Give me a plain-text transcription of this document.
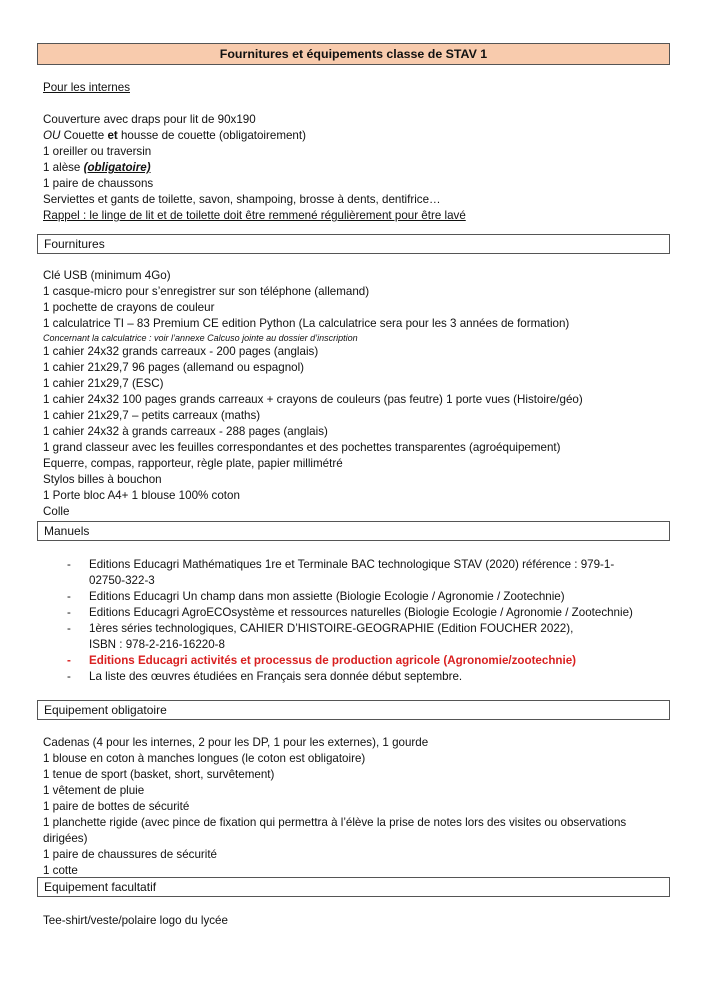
Fournitures et équipements classe de STAV 1
Pour les internes
Couverture avec draps pour lit de 90x190
OU Couette et housse de couette (obligatoirement)
1 oreiller ou traversin
1 alèse (obligatoire)
1 paire de chaussons
Serviettes et gants de toilette, savon, shampoing, brosse à dents, dentifrice…
Rappel : le linge de lit et de toilette doit être remmené régulièrement pour être lavé
Fournitures
Clé USB (minimum 4Go)
1 casque-micro pour s’enregistrer sur son téléphone (allemand)
1 pochette de crayons de couleur
1 calculatrice TI – 83 Premium CE edition Python (La calculatrice sera pour les 3 années de formation)
Concernant la calculatrice : voir l’annexe Calcuso jointe au dossier d’inscription
1 cahier 24x32 grands carreaux - 200 pages (anglais)
1 cahier 21x29,7 96 pages (allemand ou espagnol)
1 cahier 21x29,7 (ESC)
1 cahier 24x32 100 pages grands carreaux + crayons de couleurs (pas feutre) 1 porte vues (Histoire/géo)
1 cahier 21x29,7 – petits carreaux (maths)
1 cahier 24x32 à grands carreaux - 288 pages (anglais)
1 grand classeur avec les feuilles correspondantes et des pochettes transparentes (agroéquipement)
Equerre, compas, rapporteur, règle plate, papier millimétré
Stylos billes à bouchon
1 Porte bloc A4+ 1 blouse 100% coton
Colle
Manuels
- Editions Educagri Mathématiques 1re et Terminale BAC technologique STAV (2020) référence : 979-1-
02750-322-3
- Editions Educagri Un champ dans mon assiette (Biologie Ecologie / Agronomie / Zootechnie)
- Editions Educagri AgroECOsystème et ressources naturelles (Biologie Ecologie / Agronomie / Zootechnie)
- 1ères séries technologiques, CAHIER D’HISTOIRE-GEOGRAPHIE (Edition FOUCHER 2022),
ISBN : 978-2-216-16220-8
- Editions Educagri activités et processus de production agricole (Agronomie/zootechnie)
- La liste des œuvres étudiées en Français sera donnée début septembre.
Equipement obligatoire
Cadenas (4 pour les internes, 2 pour les DP, 1 pour les externes), 1 gourde
1 blouse en coton à manches longues (le coton est obligatoire)
1 tenue de sport (basket, short, survêtement)
1 vêtement de pluie
1 paire de bottes de sécurité
1 planchette rigide (avec pince de fixation qui permettra à l’élève la prise de notes lors des visites ou observations
dirigées)
1 paire de chaussures de sécurité
1 cotte
Equipement facultatif
Tee-shirt/veste/polaire logo du lycée
